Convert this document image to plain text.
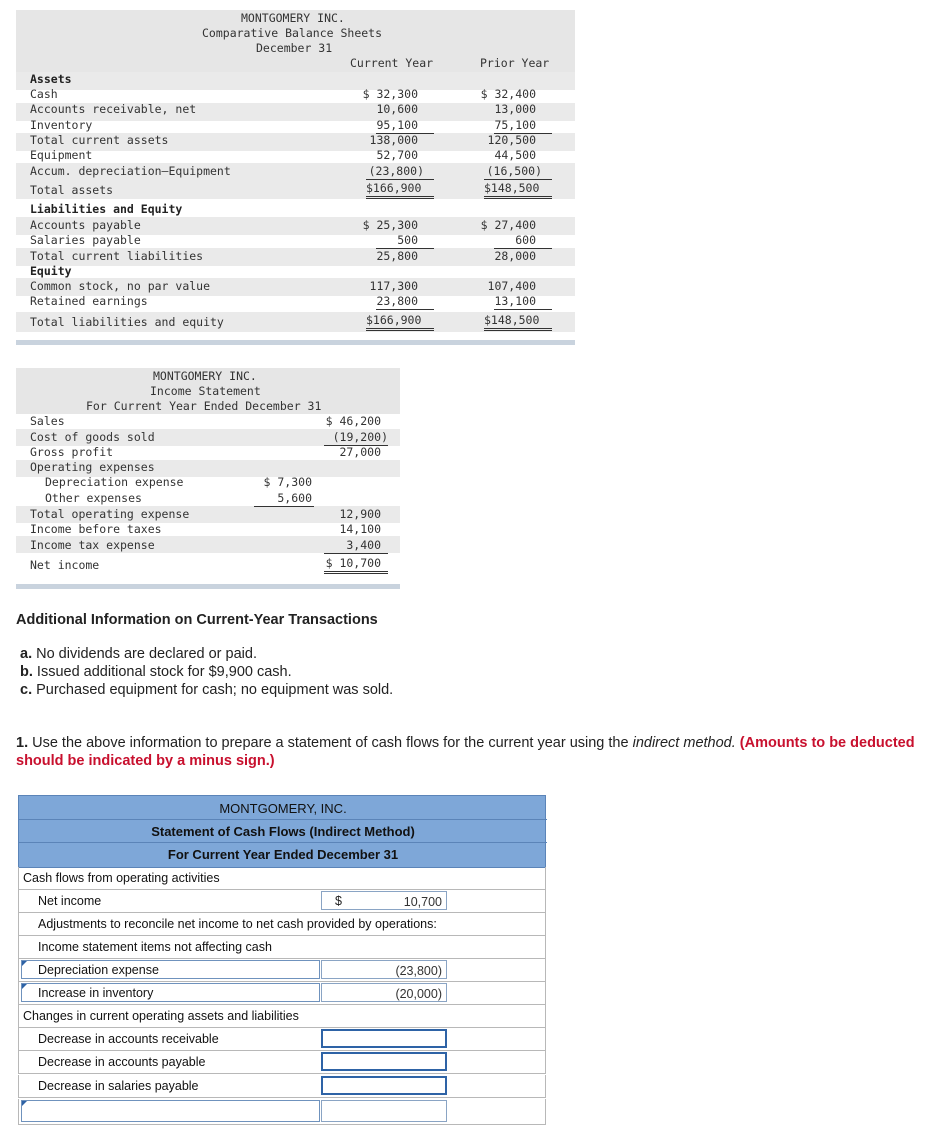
MONTGOMERY INC.
Comparative Balance Sheets
December 31
Current Year	Prior Year
Assets
Cash	$ 32,300	$ 32,400
Accounts receivable, net	10,600	13,000
Inventory	95,100	75,100
Total current assets	138,000	120,500
Equipment	52,700	44,500
Accum. depreciation—Equipment	(23,800)	(16,500)
Total assets	$166,900	$148,500
Liabilities and Equity
Accounts payable	$ 25,300	$ 27,400
Salaries payable	500	600
Total current liabilities	25,800	28,000
Equity
Common stock, no par value	117,300	107,400
Retained earnings	23,800	13,100
Total liabilities and equity	$166,900	$148,500
MONTGOMERY INC.
Income Statement
For Current Year Ended December 31
Sales	$ 46,200
Cost of goods sold	(19,200)
Gross profit	27,000
Operating expenses
Depreciation expense	$ 7,300
Other expenses	5,600
Total operating expense	12,900
Income before taxes	14,100
Income tax expense	3,400
Net income	$ 10,700
Additional Information on Current-Year Transactions
a. No dividends are declared or paid.
b. Issued additional stock for $9,900 cash.
c. Purchased equipment for cash; no equipment was sold.
1. Use the above information to prepare a statement of cash flows for the current year using the indirect method. (Amounts to be deducted should be indicated by a minus sign.)
MONTGOMERY, INC.
Statement of Cash Flows (Indirect Method)
For Current Year Ended December 31
Cash flows from operating activities
Net income	10,700
$
Adjustments to reconcile net income to net cash provided by operations:
Income statement items not affecting cash
Depreciation expense	(23,800)
Increase in inventory	(20,000)
Changes in current operating assets and liabilities
Decrease in accounts receivable
Decrease in accounts payable
Decrease in salaries payable
